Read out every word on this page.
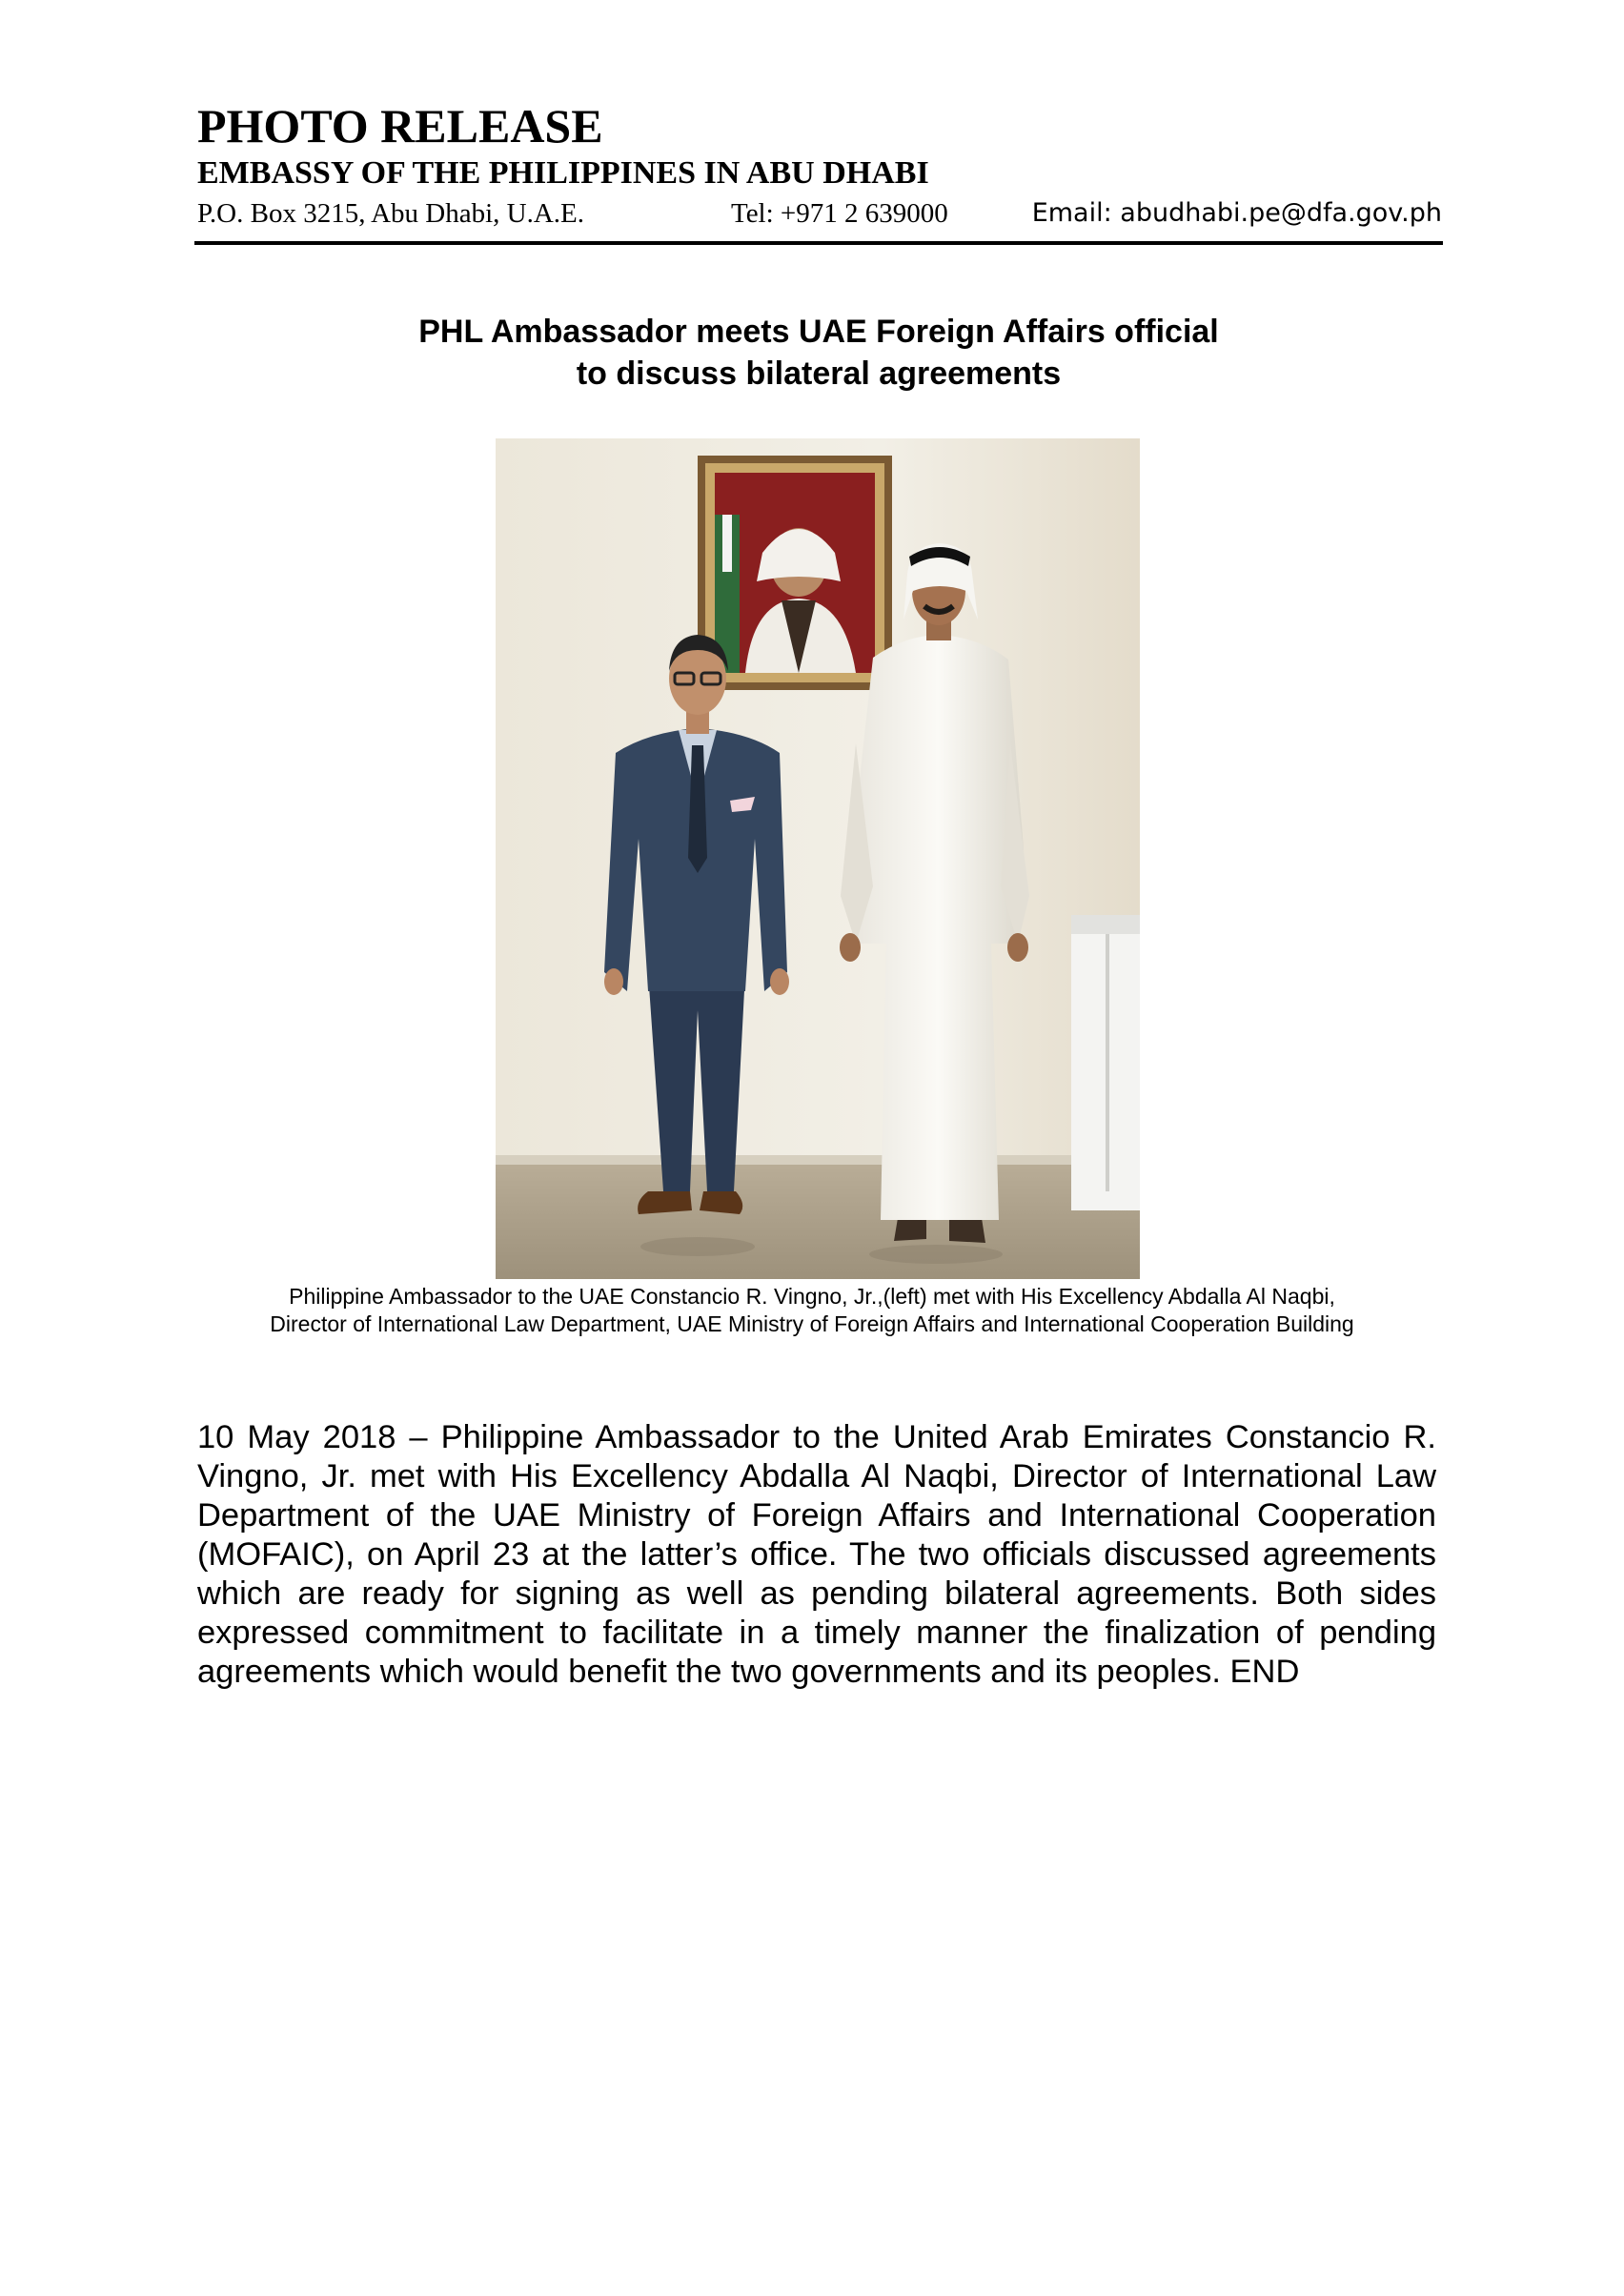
PHOTO RELEASE
EMBASSY OF THE PHILIPPINES IN ABU DHABI
P.O. Box 3215, Abu Dhabi, U.A.E.	Tel: +971 2 639000	Email: abudhabi.pe@dfa.gov.ph
PHL Ambassador meets UAE Foreign Affairs official
to discuss bilateral agreements
Philippine Ambassador to the UAE Constancio R. Vingno, Jr.,(left) met with His Excellency Abdalla Al Naqbi,
Director of International Law Department, UAE Ministry of Foreign Affairs and International Cooperation Building

10 May 2018 – Philippine Ambassador to the United Arab Emirates Constancio R. Vingno, Jr. met with His Excellency Abdalla Al Naqbi, Director of International Law Department of the UAE Ministry of Foreign Affairs and International Cooperation (MOFAIC), on April 23 at the latter’s office. The two officials discussed agreements which are ready for signing as well as pending bilateral agreements. Both sides expressed commitment to facilitate in a timely manner the finalization of pending agreements which would benefit the two governments and its peoples. END
